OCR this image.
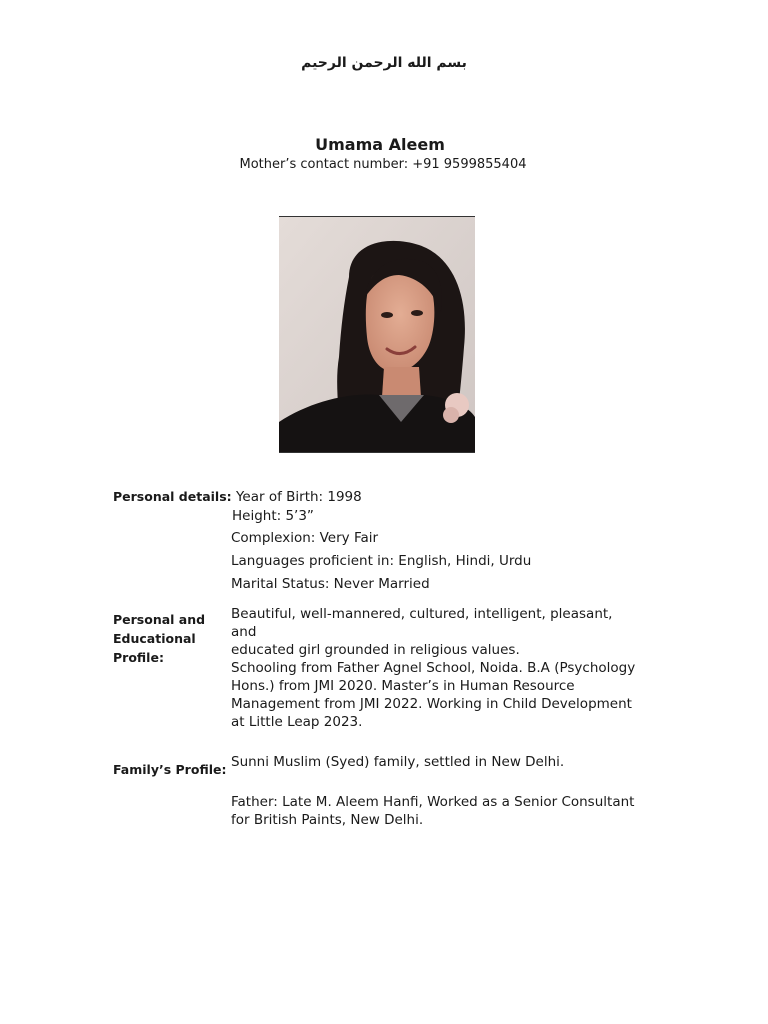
بسم الله الرحمن الرحيم
Umama Aleem
Mother’s contact number: +91 9599855404
Personal details: Year of Birth: 1998
Height: 5’3”
Complexion: Very Fair
Languages proficient in: English, Hindi, Urdu
Marital Status: Never Married
Personal and
Educational
Profile:
Beautiful, well-mannered, cultured, intelligent, pleasant, and
educated girl grounded in religious values.
Schooling from Father Agnel School, Noida. B.A (Psychology
Hons.) from JMI 2020. Master’s in Human Resource
Management from JMI 2022. Working in Child Development
at Little Leap 2023.
Family’s Profile: Sunni Muslim (Syed) family, settled in New Delhi.
Father: Late M. Aleem Hanfi, Worked as a Senior Consultant
for British Paints, New Delhi.
